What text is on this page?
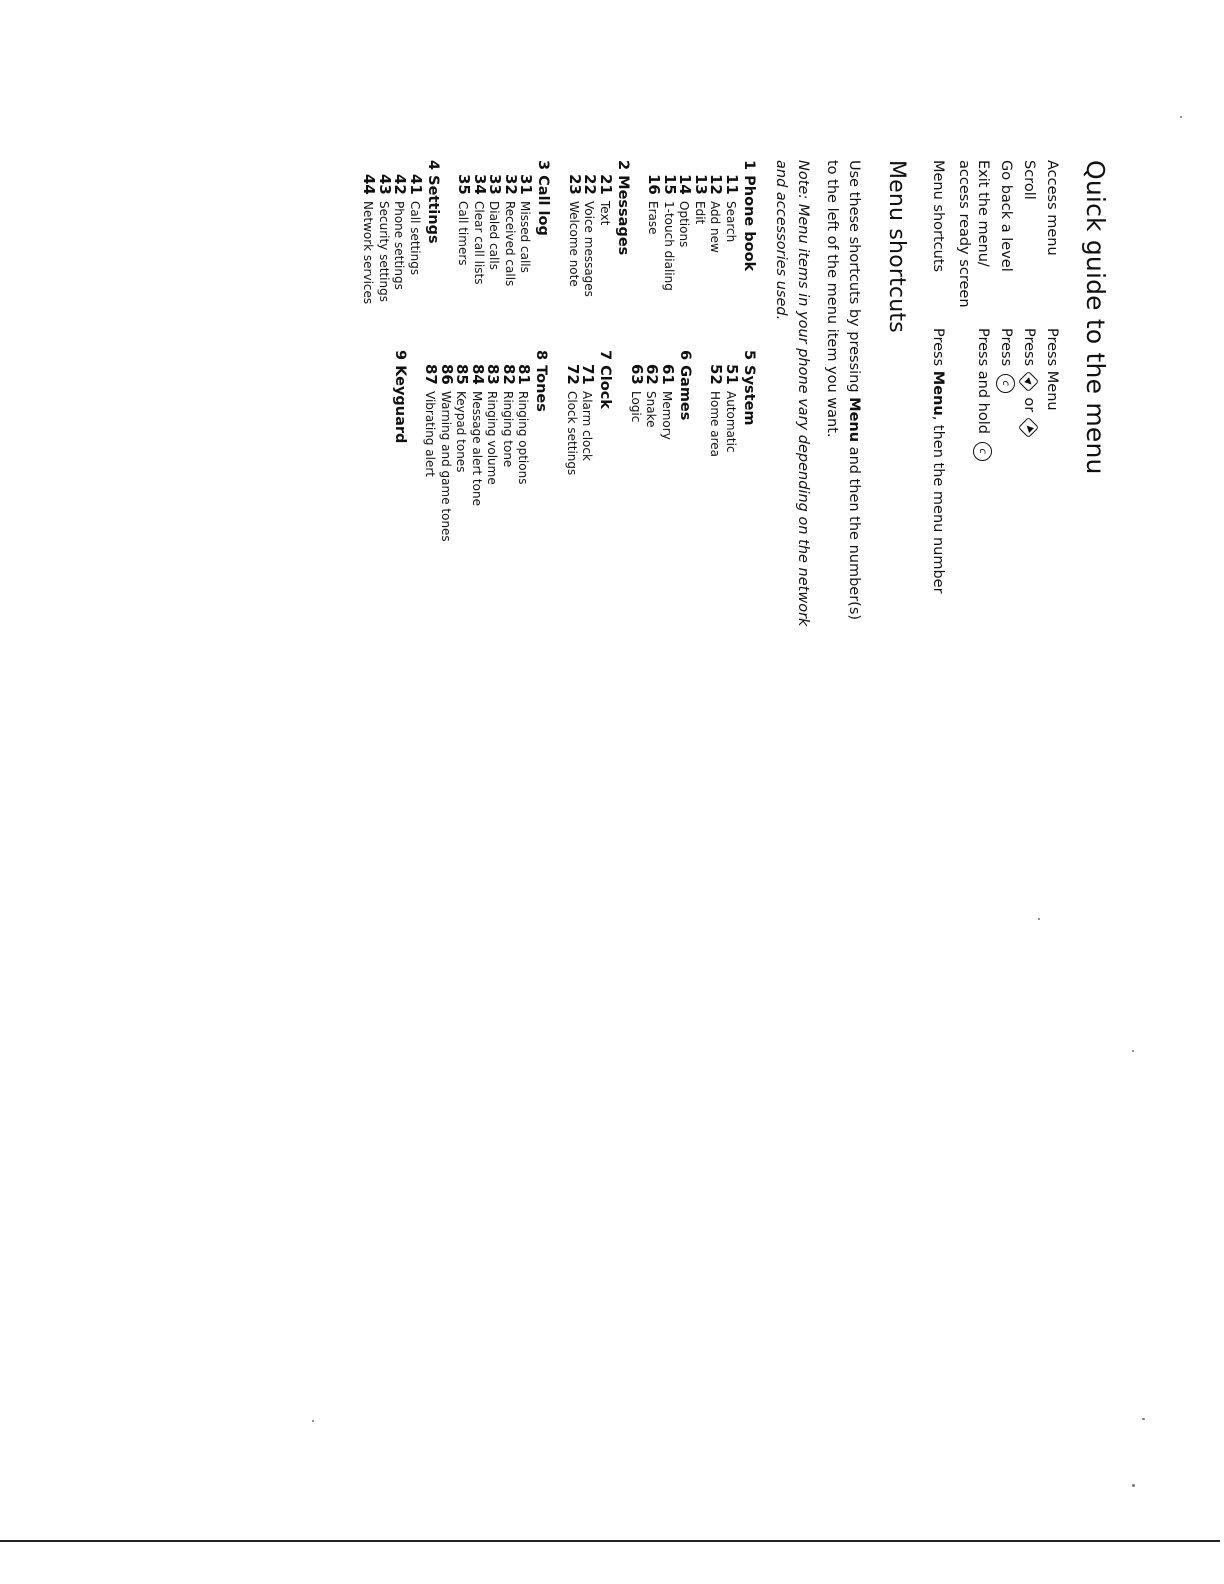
Quick guide to the menu
Access menu
Press Menu
Scroll
Press ▲ or ▼
Go back a level
Press c
Exit the menu/
access ready screen
Press and hold c
Menu shortcuts
Press Menu, then the menu number
Menu shortcuts
Use these shortcuts by pressing Menu and then the number(s)
to the left of the menu item you want.
Note: Menu items in your phone vary depending on the network
and accessories used.
1 Phone book
11Search
12Add new
13Edit
14Options
151-touch dialing
16Erase
2 Messages
21Text
22Voice messages
23Welcome note
3 Call log
31Missed calls
32Received calls
33Dialed calls
34Clear call lists
35Call timers
4 Settings
41Call settings
42Phone settings
43Security settings
44Network services
5 System
51Automatic
52Home area
6 Games
61Memory
62Snake
63Logic
7 Clock
71Alarm clock
72Clock settings
8 Tones
81Ringing options
82Ringing tone
83Ringing volume
84Message alert tone
85Keypad tones
86Warning and game tones
87Vibrating alert
9 Keyguard
